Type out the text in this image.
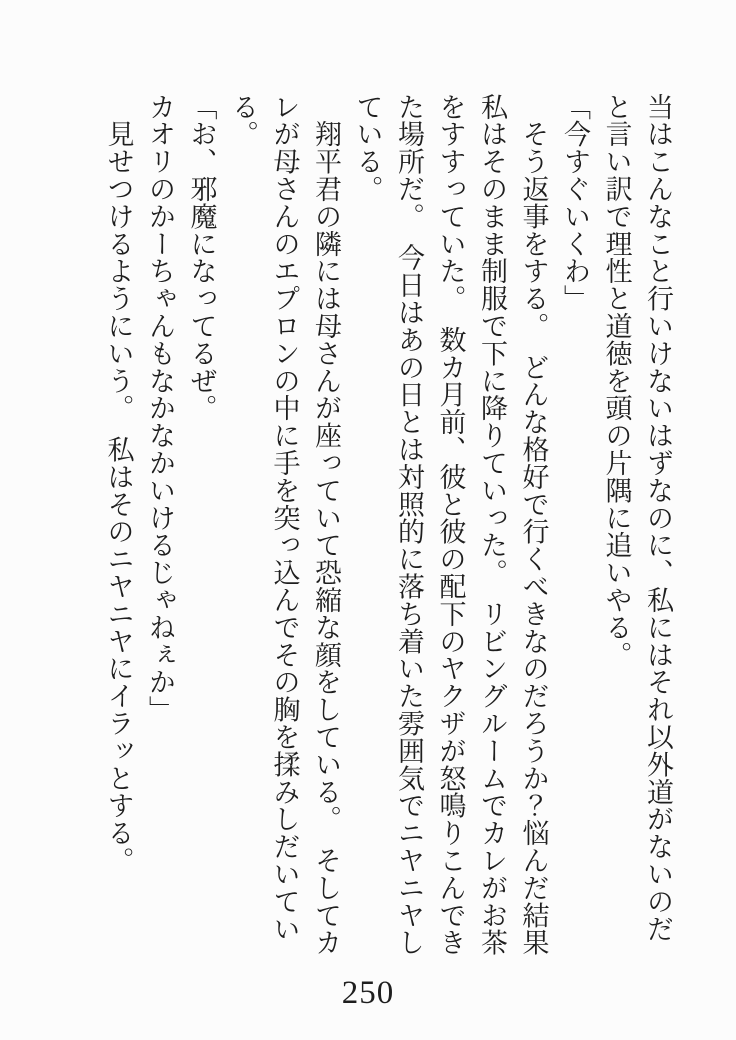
当はこんなこと行いけないはずなのに、私にはそれ以外道がないのだ
と言い訳で理性と道徳を頭の片隅に追いやる。
「今すぐいくわ」
　そう返事をする。　どんな格好で行くべきなのだろうか？悩んだ結果
私はそのまま制服で下に降りていった。　リビングルームでカレがお茶
をすすっていた。　数カ月前、彼と彼の配下のヤクザが怒鳴りこんでき
た場所だ。　今日はあの日とは対照的に落ち着いた雰囲気でニヤニヤし
ている。
　翔平君の隣には母さんが座っていて恐縮な顔をしている。　そしてカ
レが母さんのエプロンの中に手を突っ込んでその胸を揉みしだいてい
る。
「お、邪魔になってるぜ。
カオリのかーちゃんもなかなかいけるじゃねぇか」
　見せつけるようにいう。　私はそのニヤニヤにイラッとする。
250
